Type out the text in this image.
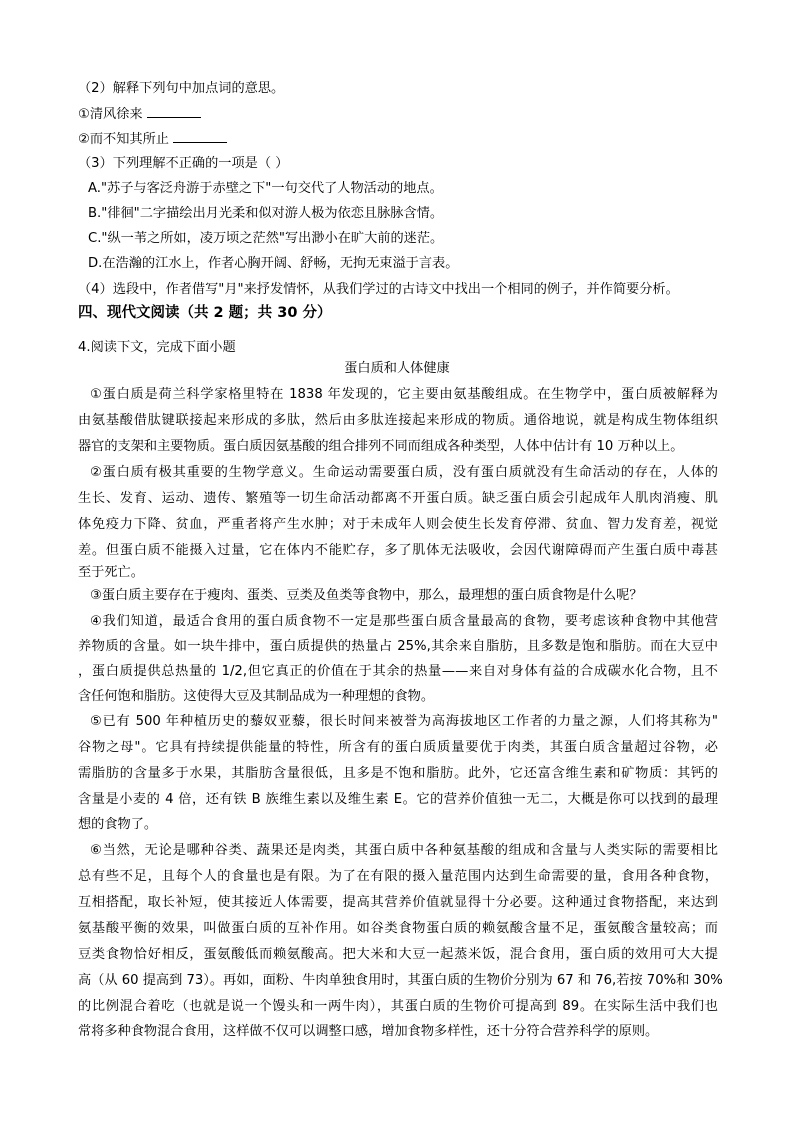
（2）解释下列句中加点词的意思。
①清风徐来
②而不知其所止
（3）下列理解不正确的一项是（ ）
A."苏子与客泛舟游于赤壁之下"一句交代了人物活动的地点。
B."徘徊"二字描绘出月光柔和似对游人极为依恋且脉脉含情。
C."纵一苇之所如，凌万顷之茫然"写出渺小在旷大前的迷茫。
D.在浩瀚的江水上，作者心胸开阔、舒畅，无拘无束溢于言表。
（4）选段中，作者借写"月"来抒发情怀，从我们学过的古诗文中找出一个相同的例子，并作简要分析。
四、现代文阅读（共 2 题；共 30 分）
4.阅读下文，完成下面小题
蛋白质和人体健康
①蛋白质是荷兰科学家格里特在 1838 年发现的，它主要由氨基酸组成。在生物学中，蛋白质被解释为
由氨基酸借肽键联接起来形成的多肽，然后由多肽连接起来形成的物质。通俗地说，就是构成生物体组织
器官的支架和主要物质。蛋白质因氨基酸的组合排列不同而组成各种类型，人体中估计有 10 万种以上。
②蛋白质有极其重要的生物学意义。生命运动需要蛋白质，没有蛋白质就没有生命活动的存在，人体的
生长、发育、运动、遗传、繁殖等一切生命活动都离不开蛋白质。缺乏蛋白质会引起成年人肌肉消瘦、肌
体免疫力下降、贫血，严重者将产生水肿；对于未成年人则会使生长发育停滞、贫血、智力发育差，视觉
差。但蛋白质不能摄入过量，它在体内不能贮存，多了肌体无法吸收，会因代谢障碍而产生蛋白质中毒甚
至于死亡。
③蛋白质主要存在于瘦肉、蛋类、豆类及鱼类等食物中，那么，最理想的蛋白质食物是什么呢？
④我们知道，最适合食用的蛋白质食物不一定是那些蛋白质含量最高的食物，要考虑该种食物中其他营
养物质的含量。如一块牛排中，蛋白质提供的热量占 25%,其余来自脂肪，且多数是饱和脂肪。而在大豆中
，蛋白质提供总热量的 1/2,但它真正的价值在于其余的热量——来自对身体有益的合成碳水化合物，且不
含任何饱和脂肪。这使得大豆及其制品成为一种理想的食物。
⑤已有 500 年种植历史的藜奴亚藜，很长时间来被誉为高海拔地区工作者的力量之源，人们将其称为"
谷物之母"。它具有持续提供能量的特性，所含有的蛋白质质量要优于肉类，其蛋白质含量超过谷物，必
需脂肪的含量多于水果，其脂肪含量很低，且多是不饱和脂肪。此外，它还富含维生素和矿物质：其钙的
含量是小麦的 4 倍，还有铁 B 族维生素以及维生素 E。它的营养价值独一无二，大概是你可以找到的最理
想的食物了。
⑥当然，无论是哪种谷类、蔬果还是肉类，其蛋白质中各种氨基酸的组成和含量与人类实际的需要相比
总有些不足，且每个人的食量也是有限。为了在有限的摄入量范围内达到生命需要的量，食用各种食物，
互相搭配，取长补短，使其接近人体需要，提高其营养价值就显得十分必要。这种通过食物搭配，来达到
氨基酸平衡的效果，叫做蛋白质的互补作用。如谷类食物蛋白质的赖氨酸含量不足，蛋氨酸含量较高；而
豆类食物恰好相反，蛋氨酸低而赖氨酸高。把大米和大豆一起蒸米饭，混合食用，蛋白质的效用可大大提
高（从 60 提高到 73）。再如，面粉、牛肉单独食用时，其蛋白质的生物价分别为 67 和 76,若按 70%和 30%
的比例混合着吃（也就是说一个馒头和一两牛肉），其蛋白质的生物价可提高到 89。在实际生活中我们也
常将多种食物混合食用，这样做不仅可以调整口感，增加食物多样性，还十分符合营养科学的原则。
